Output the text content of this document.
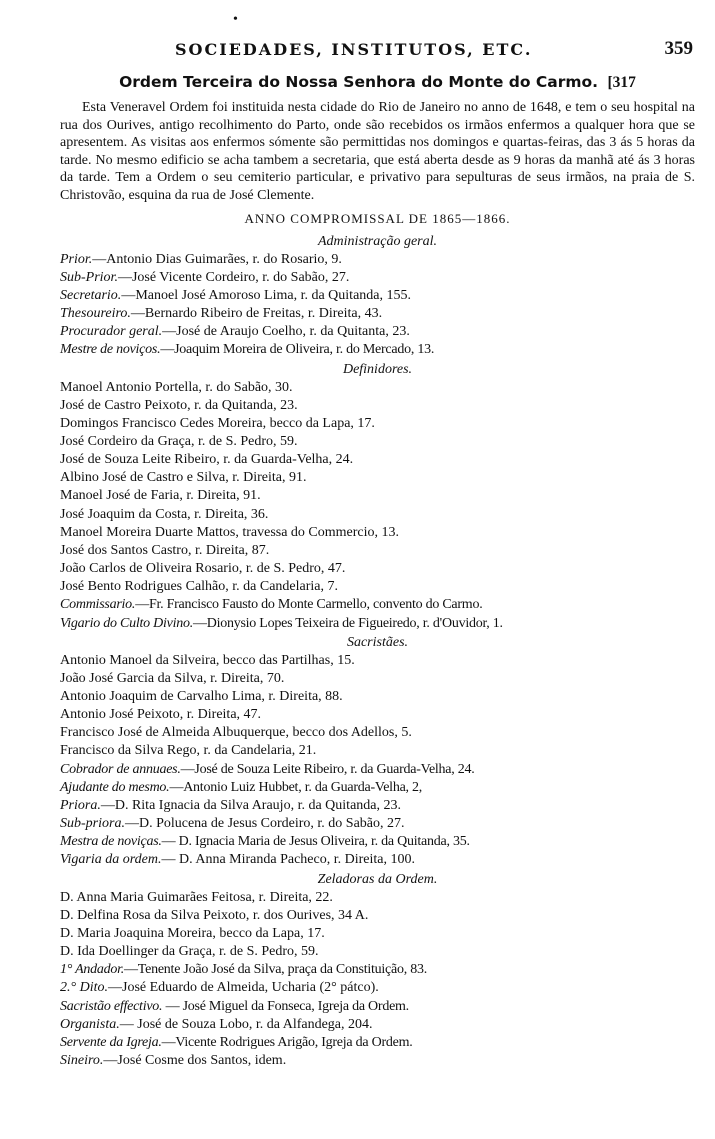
•
SOCIEDADES, INSTITUTOS, ETC.	359
Ordem Terceira do Nossa Senhora do Monte do Carmo. [317

Esta Veneravel Ordem foi instituida nesta cidade do Rio de Janeiro no anno de 1648, e tem o seu hospital na rua dos Ourives, antigo recolhimento do Parto, onde são recebidos os irmãos enfermos a qualquer hora que se apresentem. As visitas aos enfermos sómente são permittidas nos domingos e quartas-feiras, das 3 ás 5 horas da tarde. No mesmo edificio se acha tambem a secretaria, que está aberta desde as 9 horas da manhã até ás 3 horas da tarde. Tem a Ordem o seu cemiterio particular, e privativo para sepulturas de seus irmãos, na praia de S. Christovão, esquina da rua de José Clemente.

ANNO COMPROMISSAL DE 1865—1866.
Administração geral.
Prior.—Antonio Dias Guimarães, r. do Rosario, 9.
Sub-Prior.—José Vicente Cordeiro, r. do Sabão, 27.
Secretario.—Manoel José Amoroso Lima, r. da Quitanda, 155.
Thesoureiro.—Bernardo Ribeiro de Freitas, r. Direita, 43.
Procurador geral.—José de Araujo Coelho, r. da Quitanta, 23.
Mestre de noviços.—Joaquim Moreira de Oliveira, r. do Mercado, 13.
Definidores.
Manoel Antonio Portella, r. do Sabão, 30.
José de Castro Peixoto, r. da Quitanda, 23.
Domingos Francisco Cedes Moreira, becco da Lapa, 17.
José Cordeiro da Graça, r. de S. Pedro, 59.
José de Souza Leite Ribeiro, r. da Guarda-Velha, 24.
Albino José de Castro e Silva, r. Direita, 91.
Manoel José de Faria, r. Direita, 91.
José Joaquim da Costa, r. Direita, 36.
Manoel Moreira Duarte Mattos, travessa do Commercio, 13.
José dos Santos Castro, r. Direita, 87.
João Carlos de Oliveira Rosario, r. de S. Pedro, 47.
José Bento Rodrigues Calhão, r. da Candelaria, 7.
Commissario.—Fr. Francisco Fausto do Monte Carmello, convento do Carmo.
Vigario do Culto Divino.—Dionysio Lopes Teixeira de Figueiredo, r. d'Ouvidor, 1.
Sacristães.
Antonio Manoel da Silveira, becco das Partilhas, 15.
João José Garcia da Silva, r. Direita, 70.
Antonio Joaquim de Carvalho Lima, r. Direita, 88.
Antonio José Peixoto, r. Direita, 47.
Francisco José de Almeida Albuquerque, becco dos Adellos, 5.
Francisco da Silva Rego, r. da Candelaria, 21.
Cobrador de annuaes.—José de Souza Leite Ribeiro, r. da Guarda-Velha, 24.
Ajudante do mesmo.—Antonio Luiz Hubbet, r. da Guarda-Velha, 2,
Priora.—D. Rita Ignacia da Silva Araujo, r. da Quitanda, 23.
Sub-priora.—D. Polucena de Jesus Cordeiro, r. do Sabão, 27.
Mestra de noviças.— D. Ignacia Maria de Jesus Oliveira, r. da Quitanda, 35.
Vigaria da ordem.— D. Anna Miranda Pacheco, r. Direita, 100.
Zeladoras da Ordem.
D. Anna Maria Guimarães Feitosa, r. Direita, 22.
D. Delfina Rosa da Silva Peixoto, r. dos Ourives, 34 A.
D. Maria Joaquina Moreira, becco da Lapa, 17.
D. Ida Doellinger da Graça, r. de S. Pedro, 59.
1° Andador.—Tenente João José da Silva, praça da Constituição, 83.
2.° Dito.—José Eduardo de Almeida, Ucharia (2° pátco).
Sacristão effectivo. — José Miguel da Fonseca, Igreja da Ordem.
Organista.— José de Souza Lobo, r. da Alfandega, 204.
Servente da Igreja.—Vicente Rodrigues Arigão, Igreja da Ordem.
Sineiro.—José Cosme dos Santos, idem.
